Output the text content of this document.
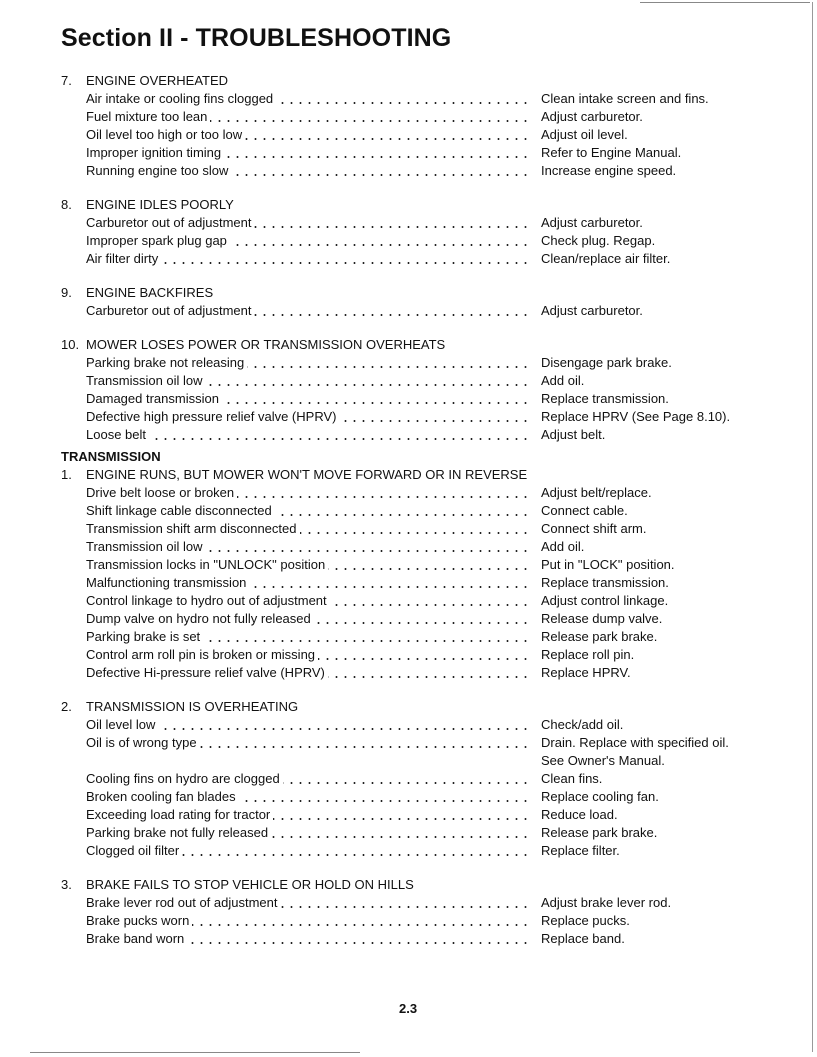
Section II - TROUBLESHOOTING
7. ENGINE OVERHEATED
Air intake or cooling fins clogged	Clean intake screen and fins.
Fuel mixture too lean	Adjust carburetor.
Oil level too high or too low	Adjust oil level.
Improper ignition timing	Refer to Engine Manual.
Running engine too slow	Increase engine speed.
8. ENGINE IDLES POORLY
Carburetor out of adjustment	Adjust carburetor.
Improper spark plug gap	Check plug. Regap.
Air filter dirty	Clean/replace air filter.
9. ENGINE BACKFIRES
Carburetor out of adjustment	Adjust carburetor.
10. MOWER LOSES POWER OR TRANSMISSION OVERHEATS
Parking brake not releasing	Disengage park brake.
Transmission oil low	Add oil.
Damaged transmission	Replace transmission.
Defective high pressure relief valve (HPRV)	Replace HPRV (See Page 8.10).
Loose belt	Adjust belt.
TRANSMISSION
1. ENGINE RUNS, BUT MOWER WON'T MOVE FORWARD OR IN REVERSE
Drive belt loose or broken	Adjust belt/replace.
Shift linkage cable disconnected	Connect cable.
Transmission shift arm disconnected	Connect shift arm.
Transmission oil low	Add oil.
Transmission locks in "UNLOCK" position	Put in "LOCK" position.
Malfunctioning transmission	Replace transmission.
Control linkage to hydro out of adjustment	Adjust control linkage.
Dump valve on hydro not fully released	Release dump valve.
Parking brake is set	Release park brake.
Control arm roll pin is broken or missing	Replace roll pin.
Defective Hi-pressure relief valve (HPRV)	Replace HPRV.
2. TRANSMISSION IS OVERHEATING
Oil level low	Check/add oil.
Oil is of wrong type	Drain. Replace with specified oil.
See Owner's Manual.
Cooling fins on hydro are clogged	Clean fins.
Broken cooling fan blades	Replace cooling fan.
Exceeding load rating for tractor	Reduce load.
Parking brake not fully released	Release park brake.
Clogged oil filter	Replace filter.
3. BRAKE FAILS TO STOP VEHICLE OR HOLD ON HILLS
Brake lever rod out of adjustment	Adjust brake lever rod.
Brake pucks worn	Replace pucks.
Brake band worn	Replace band.
2.3
